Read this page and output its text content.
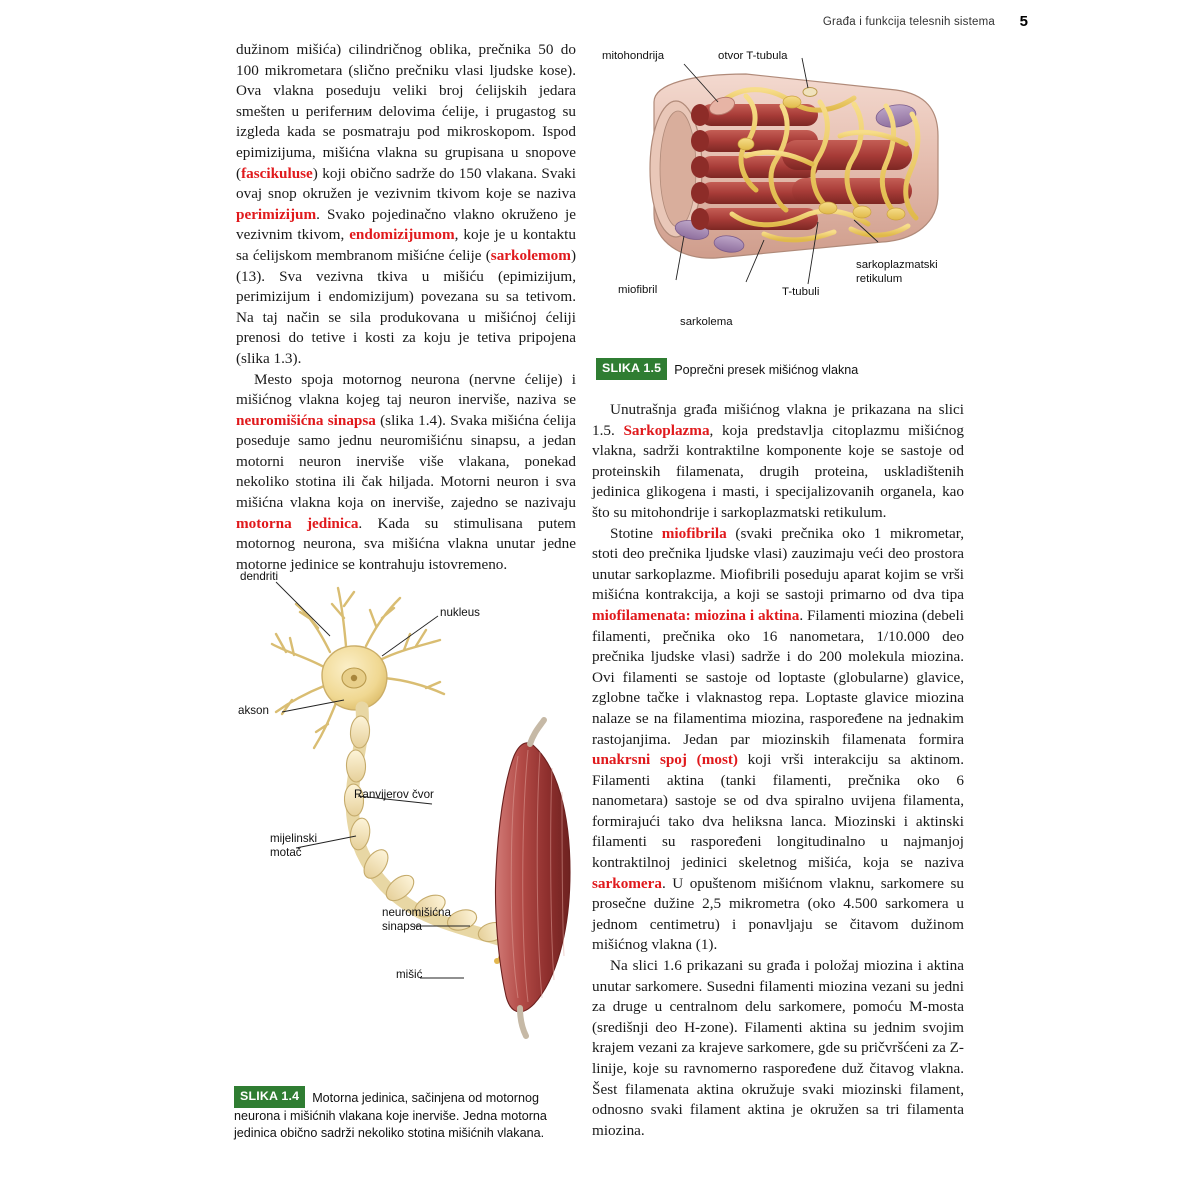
Građa i funkcija telesnih sistema 5

dužinom mišića) cilindričnog oblika, prečnika 50 do 100 mikrometara (slično prečniku vlasi ljudske kose). Ova vlakna poseduju veliki broj ćelijskih jedara smešten u periferним delovima ćelije, i prugastog su izgleda kada se posmatraju pod mikroskopom. Ispod epimizijuma, mišićna vlakna su grupisana u snopove (fascikuluse) koji obično sadrže do 150 vlakana. Svaki ovaj snop okružen je vezivnim tkivom koje se naziva perimizijum. Svako pojedinačno vlakno okruženo je vezivnim tkivom, endomizijumom, koje je u kontaktu sa ćelijskom membranom mišićne ćelije (sarkolemom) (13). Sva vezivna tkiva u mišiću (epimizijum, perimizijum i endomizijum) povezana su sa tetivom. Na taj način se sila produkovana u mišićnoj ćeliji prenosi do tetive i kosti za koju je tetiva pripojena (slika 1.3).

Mesto spoja motornog neurona (nervne ćelije) i mišićnog vlakna kojeg taj neuron inerviše, naziva se neuromišićna sinapsa (slika 1.4). Svaka mišićna ćelija poseduje samo jednu neuromišićnu sinapsu, a jedan motorni neuron inerviše više vlakana, ponekad nekoliko stotina ili čak hiljada. Motorni neuron i sva mišićna vlakna koja on inerviše, zajedno se nazivaju motorna jedinica. Kada su stimulisana putem motornog neurona, sva mišićna vlakna unutar jedne motorne jedinice se kontrahuju istovremeno.

Unutrašnja građa mišićnog vlakna je prikazana na slici 1.5. Sarkoplazma, koja predstavlja citoplazmu mišićnog vlakna, sadrži kontraktilne komponente koje se sastoje od proteinskih filamenata, drugih proteina, uskladištenih jedinica glikogena i masti, i specijalizovanih organela, kao što su mitohondrije i sarkoplazmatski retikulum.

Stotine miofibrila (svaki prečnika oko 1 mikrometar, stoti deo prečnika ljudske vlasi) zauzimaju veći deo prostora unutar sarkoplazme. Miofibrili poseduju aparat kojim se vrši mišićna kontrakcija, a koji se sastoji primarno od dva tipa miofilamenata: miozina i aktina. Filamenti miozina (debeli filamenti, prečnika oko 16 nanometara, 1/10.000 deo prečnika ljudske vlasi) sadrže i do 200 molekula miozina. Ovi filamenti se sastoje od loptaste (globularne) glavice, zglobne tačke i vlaknastog repa. Loptaste glavice miozina nalaze se na filamentima miozina, raspoređene na jednakim rastojanjima. Jedan par miozinskih filamenata formira unakrsni spoj (most) koji vrši interakciju sa aktinom. Filamenti aktina (tanki filamenti, prečnika oko 6 nanometara) sastoje se od dva spiralno uvijena filamenta, formirajući tako dva heliksna lanca. Miozinski i aktinski filamenti su raspoređeni longitudinalno u najmanjoj kontraktilnoj jedinici skeletnog mišića, koja se naziva sarkomera. U opuštenom mišićnom vlaknu, sarkomere su prosečne dužine 2,5 mikrometra (oko 4.500 sarkomera u jednom centimetru) i ponavljaju se čitavom dužinom mišićnog vlakna (1).

Na slici 1.6 prikazani su građa i položaj miozina i aktina unutar sarkomere. Susedni filamenti miozina vezani su jedni za druge u centralnom delu sarkomere, pomoću M-mosta (središnji deo H-zone). Filamenti aktina su jednim svojim krajem vezani za krajeve sarkomere, gde su pričvršćeni za Z-linije, koje su ravnomerno raspoređene duž čitavog vlakna. Šest filamenata aktina okružuje svaki miozinski filament, odnosno svaki filament aktina je okružen sa tri filamenta miozina.

mitohondrija	otvor T-tubula
sarkoplazmatski
retikulum
T-tubuli
sarkolema
miofibril
SLIKA 1.5 Poprečni presek mišićnog vlakna
dendriti
nukleus
akson
Ranvijerov čvor
mijelinski
motač
neuromišićna
sinapsa
mišić
SLIKA 1.4 Motorna jedinica, sačinjena od motornog neurona i mišićnih vlakana koje inerviše. Jedna motorna jedinica obično sadrži nekoliko stotina mišićnih vlakana.
